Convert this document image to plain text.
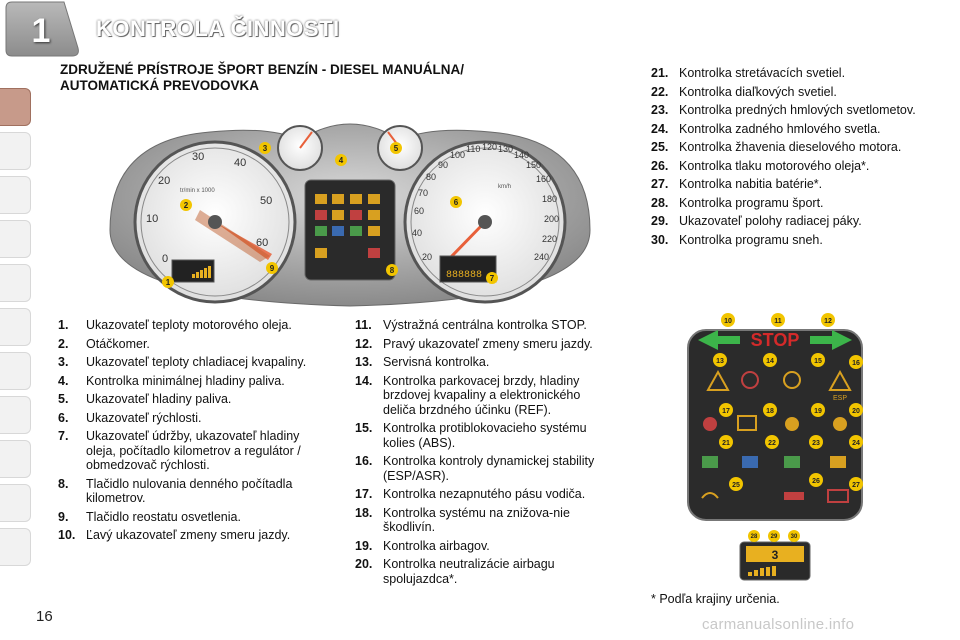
1 KONTROLA ČINNOSTI
ZDRUŽENÉ PRÍSTROJE ŠPORT BENZÍN - DIESEL MANUÁLNA/
AUTOMATICKÁ PREVODOVKA
0
10
20
30	40
50
60
tr/min x 1000
20
40
60
70
80
90
100
110 120 130
140
150
160
180
200
220
240
km/h
888888
1
2
3
4
5
6
7
8
9
1.	Ukazovateľ teploty motorového oleja.
2.	Otáčkomer.
3.	Ukazovateľ teploty chladiacej kvapaliny.
4.	Kontrolka minimálnej hladiny paliva.
5.	Ukazovateľ hladiny paliva.
6.	Ukazovateľ rýchlosti.
7.	Ukazovateľ údržby, ukazovateľ hladiny oleja, počítadlo kilometrov a regulátor / obmedzovač rýchlosti.
8.	Tlačidlo nulovania denného počítadla kilometrov.
9.	Tlačidlo reostatu osvetlenia.
10. Ľavý ukazovateľ zmeny smeru jazdy.
11. Výstražná centrálna kontrolka STOP.
12. Pravý ukazovateľ zmeny smeru jazdy.
13. Servisná kontrolka.
14. Kontrolka parkovacej brzdy, hladiny brzdovej kvapaliny a elektronického deliča brzdného účinku (REF).
15. Kontrolka protiblokovacieho systému kolies (ABS).
16. Kontrolka kontroly dynamickej stability (ESP/ASR).
17. Kontrolka nezapnutého pásu vodiča.
18. Kontrolka systému na znižova-nie škodlivín.
19. Kontrolka airbagov.
20. Kontrolka neutralizácie airbagu spolujazdca*.
21. Kontrolka stretávacích svetiel.
22. Kontrolka diaľkových svetiel.
23. Kontrolka predných hmlových svetlometov.
24. Kontrolka zadného hmlového svetla.
25. Kontrolka žhavenia dieselového motora.
26. Kontrolka tlaku motorového oleja*.
27. Kontrolka nabitia batérie*.
28. Kontrolka programu šport.
29. Ukazovateľ polohy radiacej páky.
30. Kontrolka programu sneh.
STOP
ESP
10	11	12
13	14	15	16
17	18	19	20
21	22	23	24
25
26
27
3
28 29 30
* Podľa krajiny určenia.
16	carmanualsonline.info
